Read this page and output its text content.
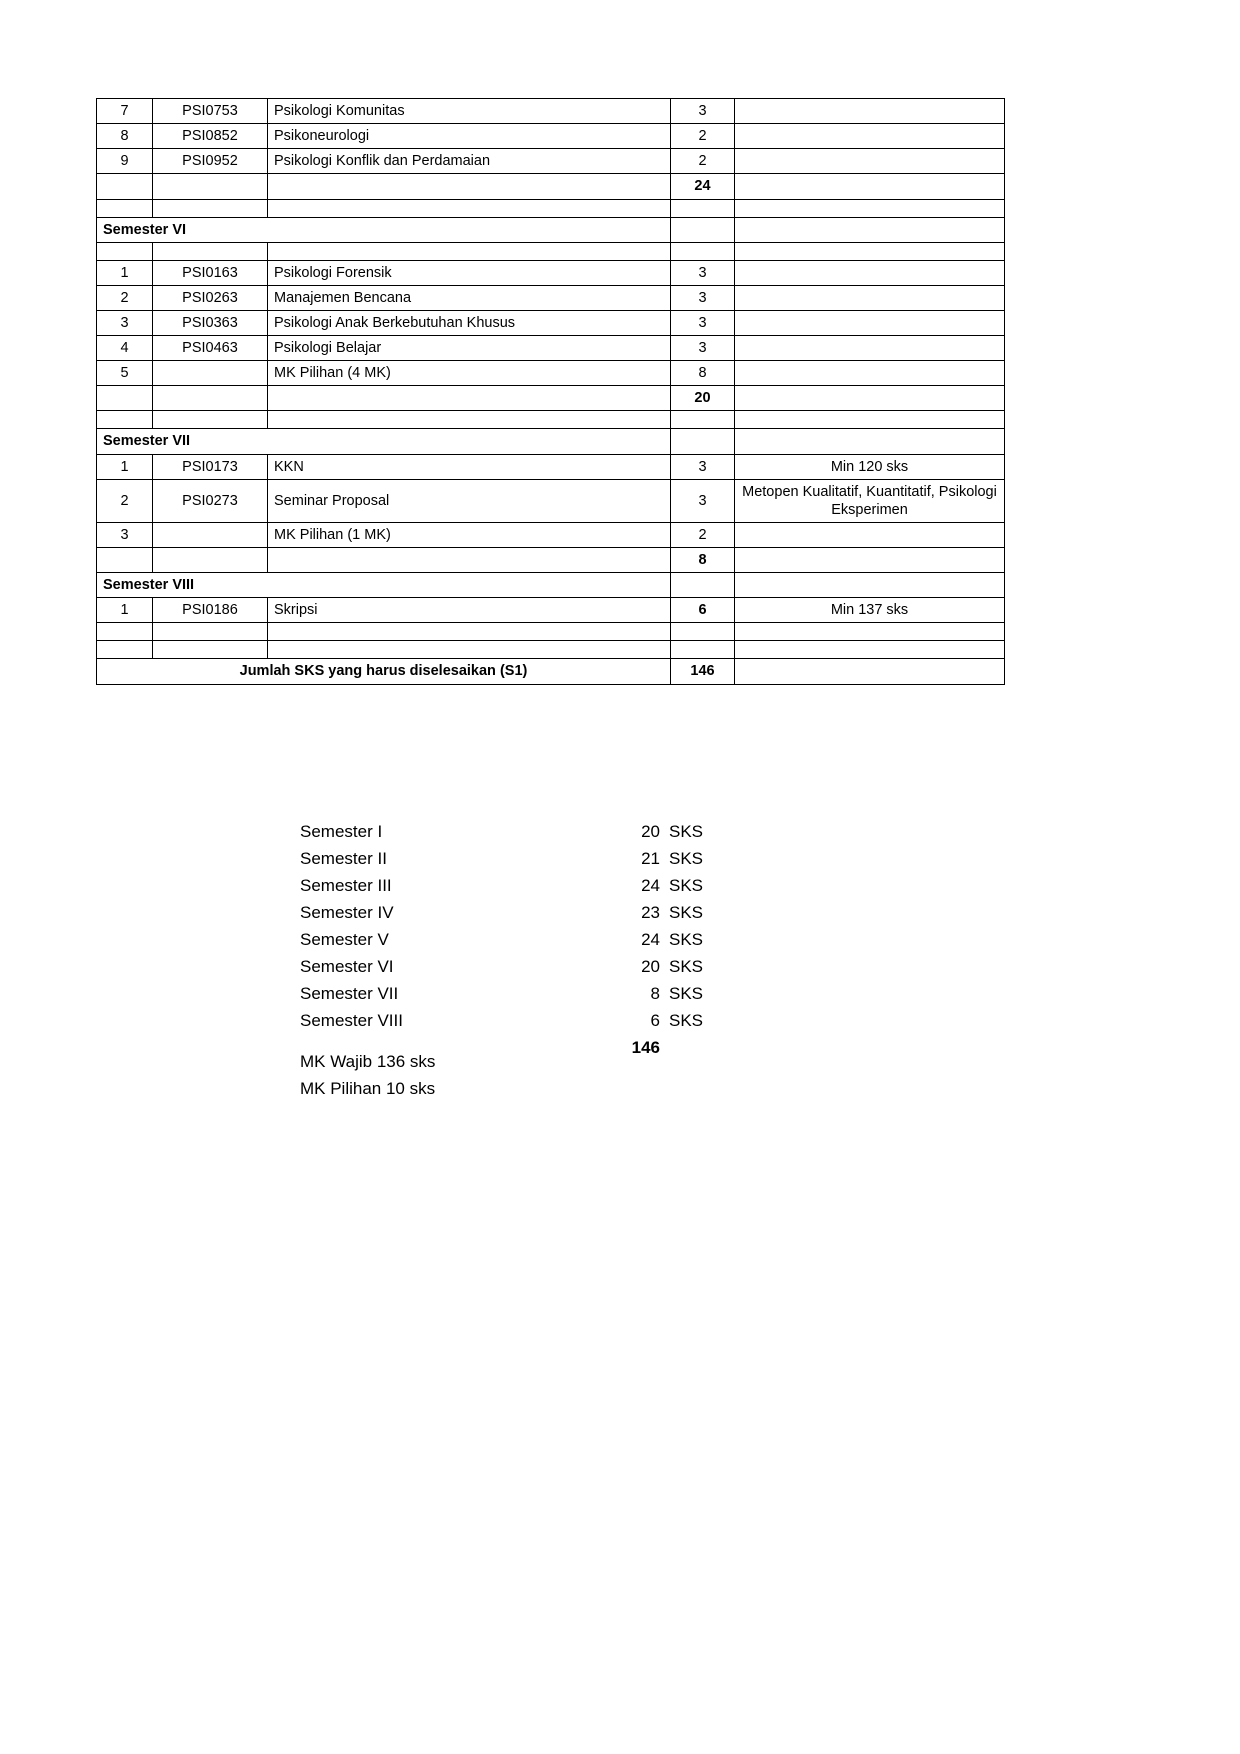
7	PSI0753	Psikologi Komunitas	3	
8	PSI0852	Psikoneurologi	2	
9	PSI0952	Psikologi Konflik dan Perdamaian	2	
			24	

Semester VI				

1	PSI0163	Psikologi Forensik	3	
2	PSI0263	Manajemen Bencana	3	
3	PSI0363	Psikologi Anak Berkebutuhan Khusus	3	
4	PSI0463	Psikologi Belajar	3	
5		MK Pilihan (4 MK)	8	
			20	

Semester VII				
1	PSI0173	KKN	3	Min 120 sks
2	PSI0273	Seminar Proposal	3	Metopen Kualitatif, Kuantitatif, Psikologi Eksperimen
3		MK Pilihan (1 MK)	2	
			8	
Semester VIII				
1	PSI0186	Skripsi	6	Min 137 sks

Jumlah SKS yang harus diselesaikan (S1)			146	
Semester I	20 SKS
Semester II	21 SKS
Semester III	24 SKS
Semester IV	23 SKS
Semester V	24 SKS
Semester VI	20 SKS
Semester VII	8 SKS
Semester VIII	6 SKS
146
MK Wajib 136 sks
MK Pilihan 10 sks
